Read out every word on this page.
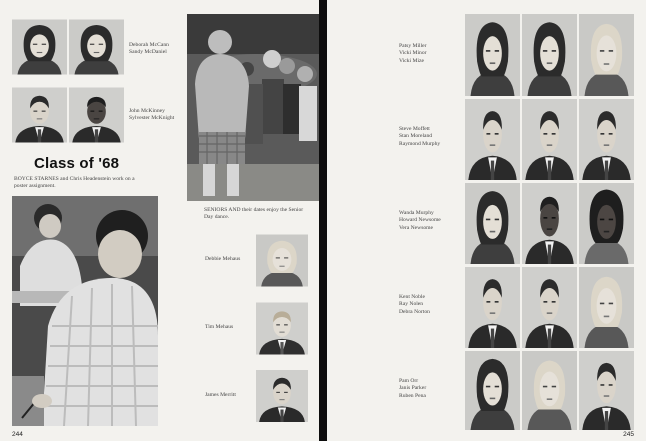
Deborah McCann
Sandy McDaniel
John McKinney
Sylvester McKnight
Class of '68
BOYCE STARNES and Chris Headenstein work on a
poster assignment.
SENIORS AND their dates enjoy the Senior
Day dance.
Debbie Mehaus
Tim Mehaus
James Merritt
244
Patsy Miller
Vicki Minor
Vicki Mize
Steve Moffett
Stan Moreland
Raymond Murphy
Wanda Murphy
Howard Newsome
Vera Newsome
Kent Noble
Ray Nolen
Debra Norton
Pam Orr
Janis Parker
Ruben Pena
245
